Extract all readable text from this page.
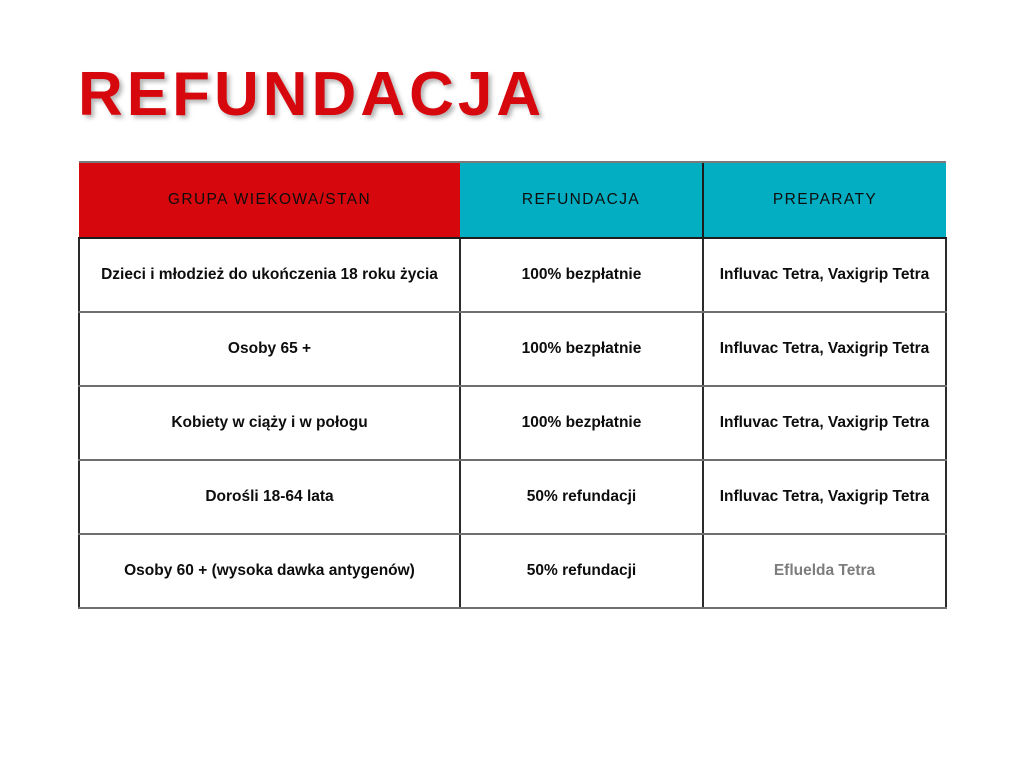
REFUNDACJA
GRUPA WIEKOWA/STAN	REFUNDACJA	PREPARATY
Dzieci i młodzież do ukończenia 18 roku życia	100% bezpłatnie	Influvac Tetra, Vaxigrip Tetra
Osoby 65 +	100% bezpłatnie	Influvac Tetra, Vaxigrip Tetra
Kobiety w ciąży i w połogu	100% bezpłatnie	Influvac Tetra, Vaxigrip Tetra
Dorośli 18-64 lata	50% refundacji	Influvac Tetra, Vaxigrip Tetra
Osoby 60 + (wysoka dawka antygenów)	50% refundacji	Efluelda Tetra
